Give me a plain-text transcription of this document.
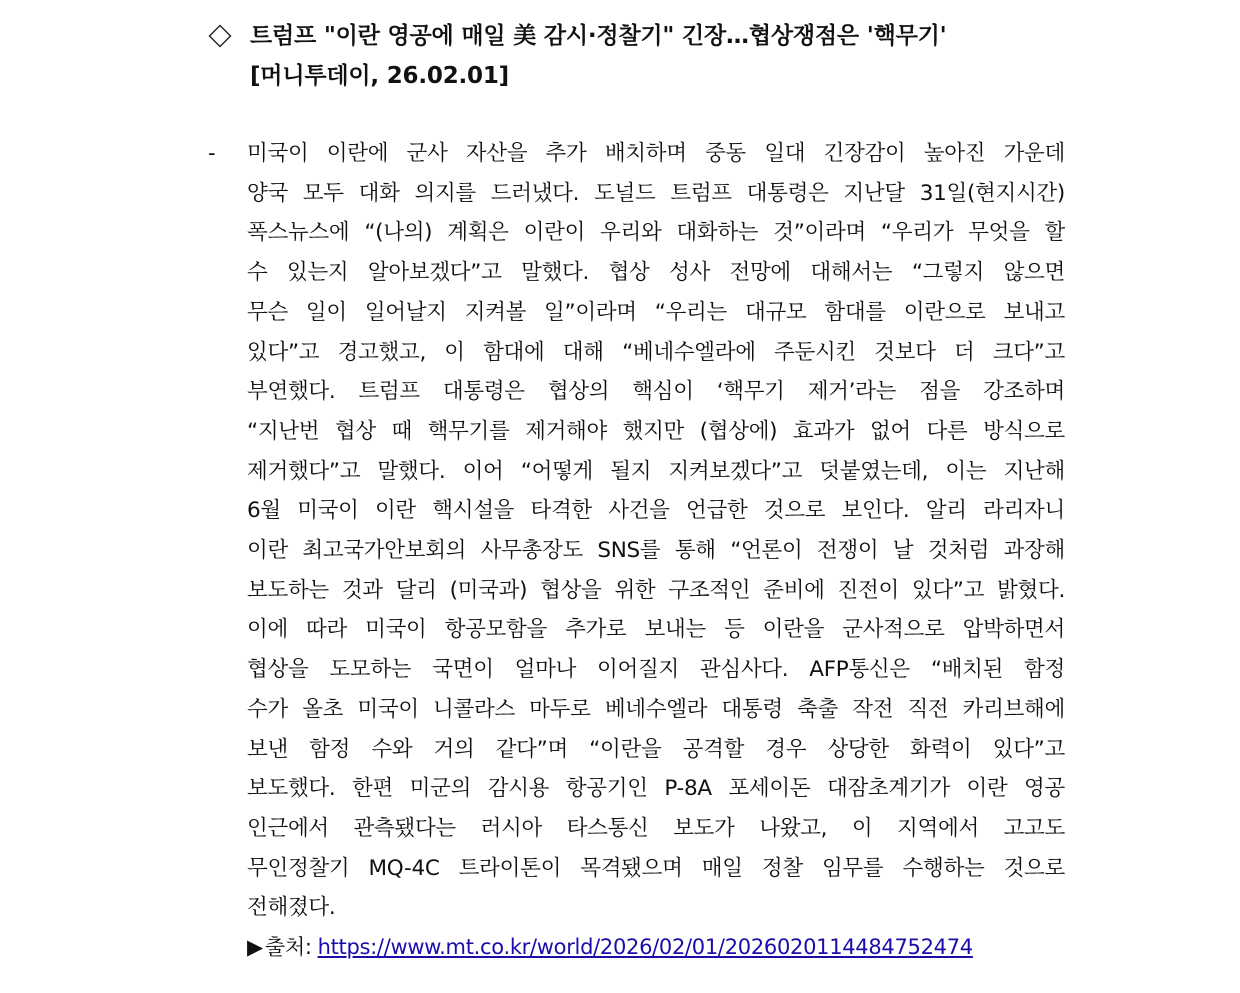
트럼프 "이란 영공에 매일 美 감시·정찰기" 긴장…협상쟁점은 '핵무기'
[머니투데이, 26.02.01]
- 미국이 이란에 군사 자산을 추가 배치하며 중동 일대 긴장감이 높아진 가운데
양국 모두 대화 의지를 드러냈다. 도널드 트럼프 대통령은 지난달 31일(현지시간)
폭스뉴스에 “(나의) 계획은 이란이 우리와 대화하는 것”이라며 “우리가 무엇을 할
수 있는지 알아보겠다”고 말했다. 협상 성사 전망에 대해서는 “그렇지 않으면
무슨 일이 일어날지 지켜볼 일”이라며 “우리는 대규모 함대를 이란으로 보내고
있다”고 경고했고, 이 함대에 대해 “베네수엘라에 주둔시킨 것보다 더 크다”고
부연했다. 트럼프 대통령은 협상의 핵심이 ‘핵무기 제거’라는 점을 강조하며
“지난번 협상 때 핵무기를 제거해야 했지만 (협상에) 효과가 없어 다른 방식으로
제거했다”고 말했다. 이어 “어떻게 될지 지켜보겠다”고 덧붙였는데, 이는 지난해
6월 미국이 이란 핵시설을 타격한 사건을 언급한 것으로 보인다. 알리 라리자니
이란 최고국가안보회의 사무총장도 SNS를 통해 “언론이 전쟁이 날 것처럼 과장해
보도하는 것과 달리 (미국과) 협상을 위한 구조적인 준비에 진전이 있다”고 밝혔다.
이에 따라 미국이 항공모함을 추가로 보내는 등 이란을 군사적으로 압박하면서
협상을 도모하는 국면이 얼마나 이어질지 관심사다. AFP통신은 “배치된 함정
수가 올초 미국이 니콜라스 마두로 베네수엘라 대통령 축출 작전 직전 카리브해에
보낸 함정 수와 거의 같다”며 “이란을 공격할 경우 상당한 화력이 있다”고
보도했다. 한편 미군의 감시용 항공기인 P-8A 포세이돈 대잠초계기가 이란 영공
인근에서 관측됐다는 러시아 타스통신 보도가 나왔고, 이 지역에서 고고도
무인정찰기 MQ-4C 트라이톤이 목격됐으며 매일 정찰 임무를 수행하는 것으로
전해졌다.
▶출처: https://www.mt.co.kr/world/2026/02/01/2026020114484752474
